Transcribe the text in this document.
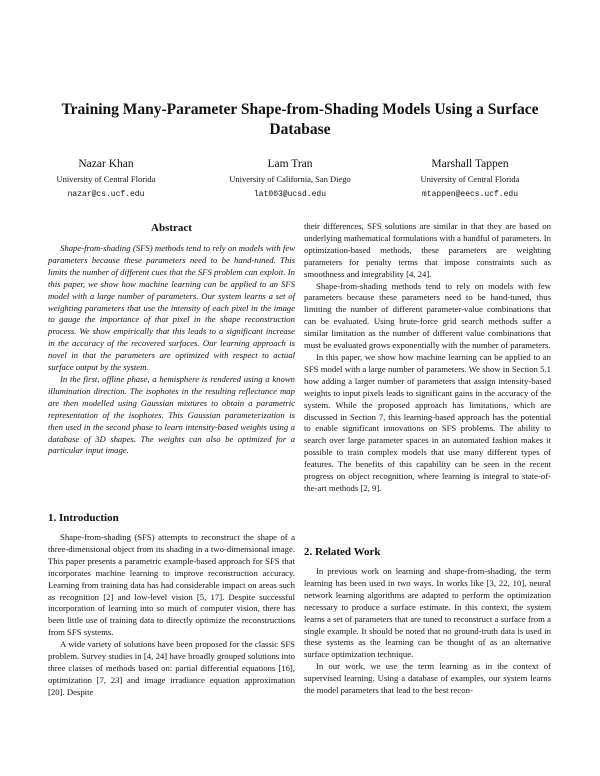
Training Many-Parameter Shape-from-Shading Models Using a Surface Database
Nazar Khan
University of Central Florida
nazar@cs.ucf.edu
Lam Tran
University of California, San Diego
lat003@ucsd.edu
Marshall Tappen
University of Central Florida
mtappen@eecs.ucf.edu
Abstract

Shape-from-shading (SFS) methods tend to rely on models with few parameters because these parameters need to be hand-tuned. This limits the number of different cues that the SFS problem can exploit. In this paper, we show how machine learning can be applied to an SFS model with a large number of parameters. Our system learns a set of weighting parameters that use the intensity of each pixel in the image to gauge the importance of that pixel in the shape reconstruction process. We show empirically that this leads to a significant increase in the accuracy of the recovered surfaces. Our learning approach is novel in that the parameters are optimized with respect to actual surface output by the system.

In the first, offline phase, a hemisphere is rendered using a known illumination direction. The isophotes in the resulting reflectance map are then modelled using Gaussian mixtures to obtain a parametric representation of the isophotes. This Gaussian parameterization is then used in the second phase to learn intensity-based weights using a database of 3D shapes. The weights can also be optimized for a particular input image.

1. Introduction

Shape-from-shading (SFS) attempts to reconstruct the shape of a three-dimensional object from its shading in a two-dimensional image. This paper presents a parametric example-based approach for SFS that incorporates machine learning to improve reconstruction accuracy. Learning from training data has had considerable impact on areas such as recognition [2] and low-level vision [5, 17]. Despite successful incorporation of learning into so much of computer vision, there has been little use of training data to directly optimize the reconstructions from SFS systems.

A wide variety of solutions have been proposed for the classic SFS problem. Survey studies in [4, 24] have broadly grouped solutions into three classes of methods based on: partial differential equations [16], optimization [7, 23] and image irradiance equation approximation [20]. Despite

their differences, SFS solutions are similar in that they are based on underlying mathematical formulations with a handful of parameters. In optimization-based methods, these parameters are weighting parameters for penalty terms that impose constraints such as smoothness and integrability [4, 24].

Shape-from-shading methods tend to rely on models with few parameters because these parameters need to be hand-tuned, thus limiting the number of different parameter-value combinations that can be evaluated. Using brute-force grid search methods suffer a similar limitation as the number of different value combinations that must be evaluated grows exponentially with the number of parameters.

In this paper, we show how machine learning can be applied to an SFS model with a large number of parameters. We show in Section 5.1 how adding a larger number of parameters that assign intensity-based weights to input pixels leads to significant gains in the accuracy of the system. While the proposed approach has limitations, which are discussed in Section 7, this learning-based approach has the potential to enable significant innovations on SFS problems. The ability to search over large parameter spaces in an automated fashion makes it possible to train complex models that use many different types of features. The benefits of this capability can be seen in the recent progress on object recognition, where learning is integral to state-of-the-art methods [2, 9].

2. Related Work

In previous work on learning and shape-from-shading, the term learning has been used in two ways. In works like [3, 22, 10], neural network learning algorithms are adapted to perform the optimization necessary to produce a surface estimate. In this context, the system learns a set of parameters that are tuned to reconstruct a surface from a single example. It should be noted that no ground-truth data is used in these systems as the learning can be thought of as an alternative surface optimization technique.

In our work, we use the term learning as in the context of supervised learning. Using a database of examples, our system learns the model parameters that lead to the best recon-
